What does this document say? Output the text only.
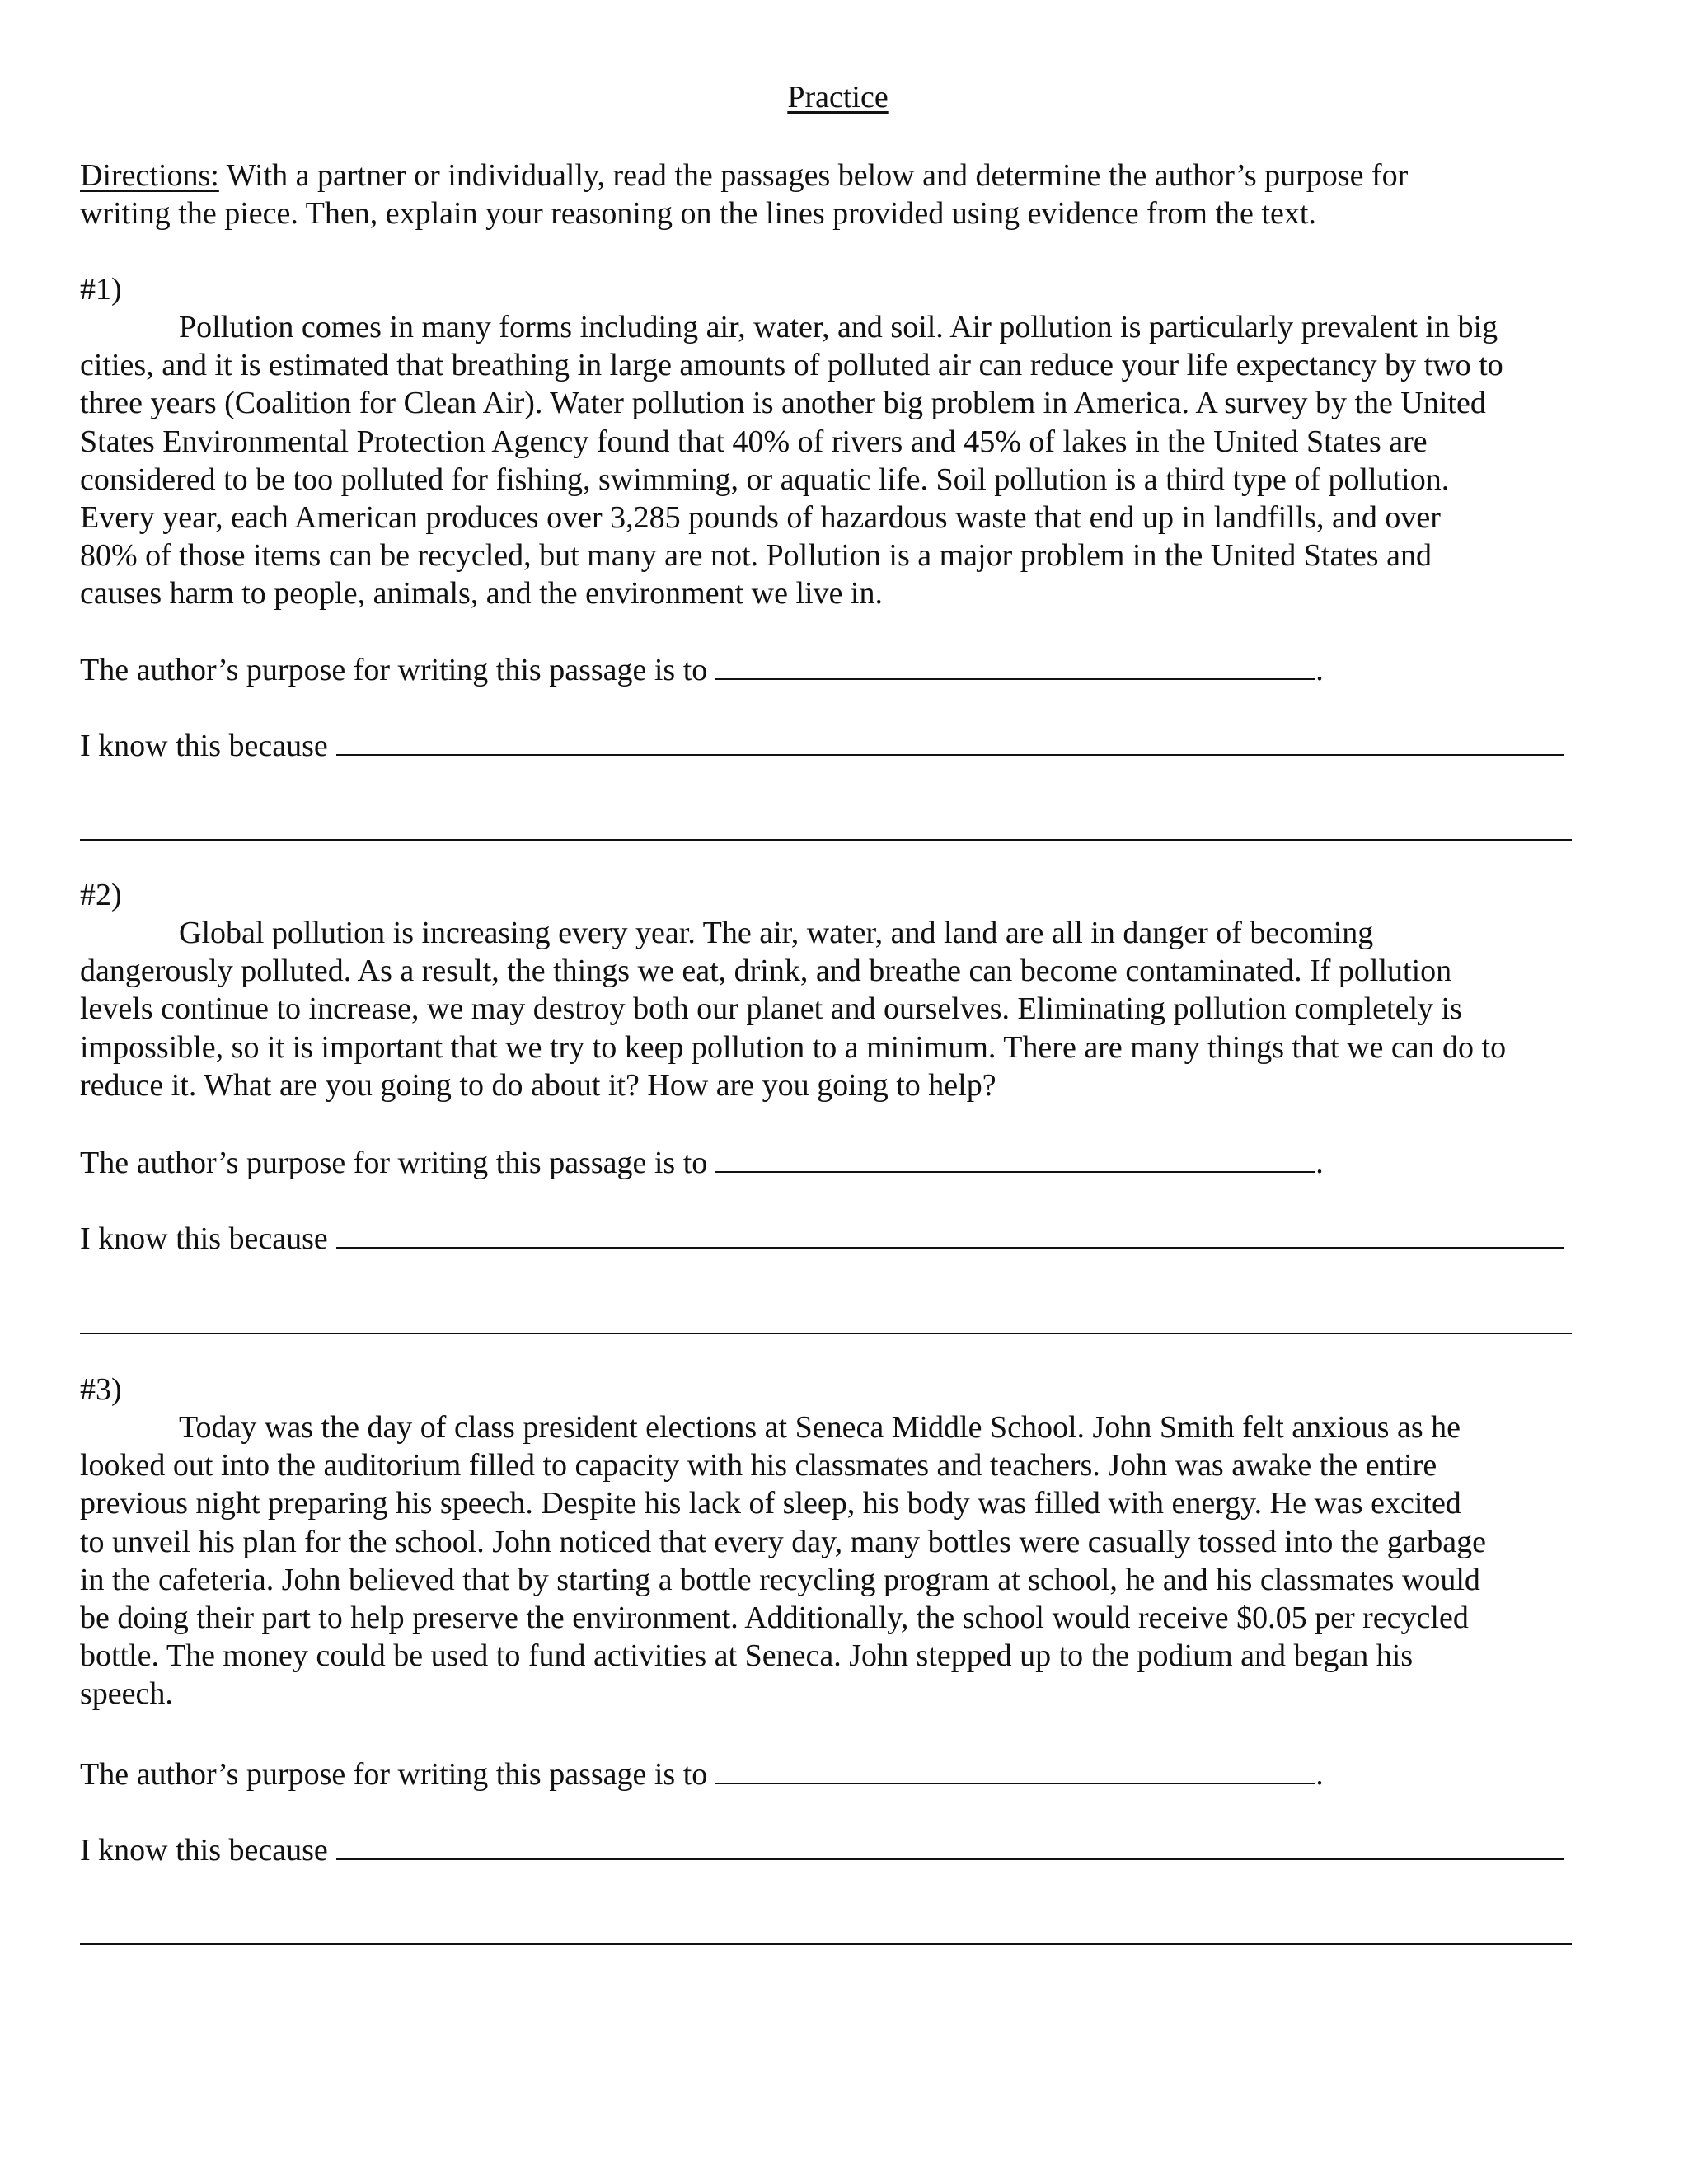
Practice
Directions: With a partner or individually, read the passages below and determine the author’s purpose for
writing the piece. Then, explain your reasoning on the lines provided using evidence from the text.
#1)
Pollution comes in many forms including air, water, and soil. Air pollution is particularly prevalent in big
cities, and it is estimated that breathing in large amounts of polluted air can reduce your life expectancy by two to
three years (Coalition for Clean Air). Water pollution is another big problem in America. A survey by the United
States Environmental Protection Agency found that 40% of rivers and 45% of lakes in the United States are
considered to be too polluted for fishing, swimming, or aquatic life. Soil pollution is a third type of pollution.
Every year, each American produces over 3,285 pounds of hazardous waste that end up in landfills, and over
80% of those items can be recycled, but many are not. Pollution is a major problem in the United States and
causes harm to people, animals, and the environment we live in.
The author’s purpose for writing this passage is to	.
I know this because
#2)
Global pollution is increasing every year. The air, water, and land are all in danger of becoming
dangerously polluted. As a result, the things we eat, drink, and breathe can become contaminated. If pollution
levels continue to increase, we may destroy both our planet and ourselves. Eliminating pollution completely is
impossible, so it is important that we try to keep pollution to a minimum. There are many things that we can do to
reduce it. What are you going to do about it? How are you going to help?
The author’s purpose for writing this passage is to	.
I know this because
#3)
Today was the day of class president elections at Seneca Middle School. John Smith felt anxious as he
looked out into the auditorium filled to capacity with his classmates and teachers. John was awake the entire
previous night preparing his speech. Despite his lack of sleep, his body was filled with energy. He was excited
to unveil his plan for the school. John noticed that every day, many bottles were casually tossed into the garbage
in the cafeteria. John believed that by starting a bottle recycling program at school, he and his classmates would
be doing their part to help preserve the environment. Additionally, the school would receive $0.05 per recycled
bottle. The money could be used to fund activities at Seneca. John stepped up to the podium and began his
speech.
The author’s purpose for writing this passage is to	.
I know this because
